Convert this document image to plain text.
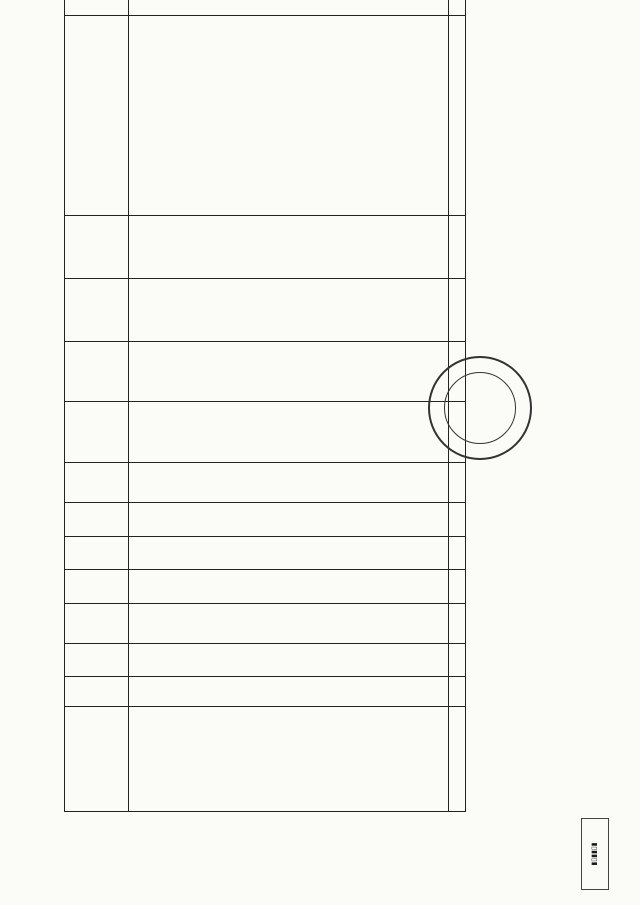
▮▯▮▮▯▮
